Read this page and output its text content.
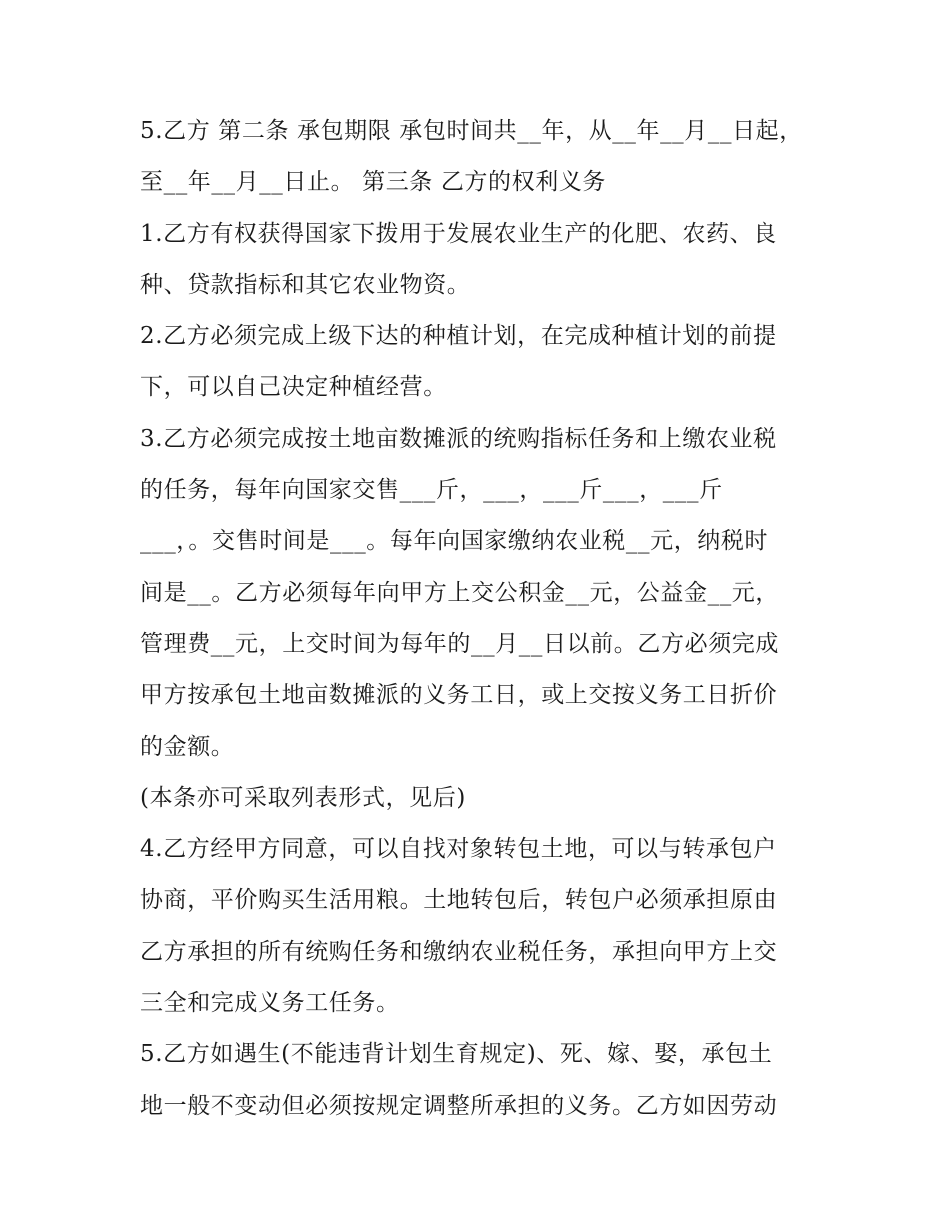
5.乙方 第二条 承包期限 承包时间共__年，从__年__月__日起，
至__年__月__日止。 第三条 乙方的权利义务
1.乙方有权获得国家下拨用于发展农业生产的化肥、农药、良
种、贷款指标和其它农业物资。
2.乙方必须完成上级下达的种植计划，在完成种植计划的前提
下，可以自己决定种植经营。
3.乙方必须完成按土地亩数摊派的统购指标任务和上缴农业税
的任务，每年向国家交售___斤，___，___斤___，___斤
___，。交售时间是___。每年向国家缴纳农业税__元，纳税时
间是__。乙方必须每年向甲方上交公积金__元，公益金__元，
管理费__元，上交时间为每年的__月__日以前。乙方必须完成
甲方按承包土地亩数摊派的义务工日，或上交按义务工日折价
的金额。
(本条亦可采取列表形式，见后)
4.乙方经甲方同意，可以自找对象转包土地，可以与转承包户
协商，平价购买生活用粮。土地转包后，转包户必须承担原由
乙方承担的所有统购任务和缴纳农业税任务，承担向甲方上交
三全和完成义务工任务。
5.乙方如遇生(不能违背计划生育规定)、死、嫁、娶，承包土
地一般不变动但必须按规定调整所承担的义务。乙方如因劳动
